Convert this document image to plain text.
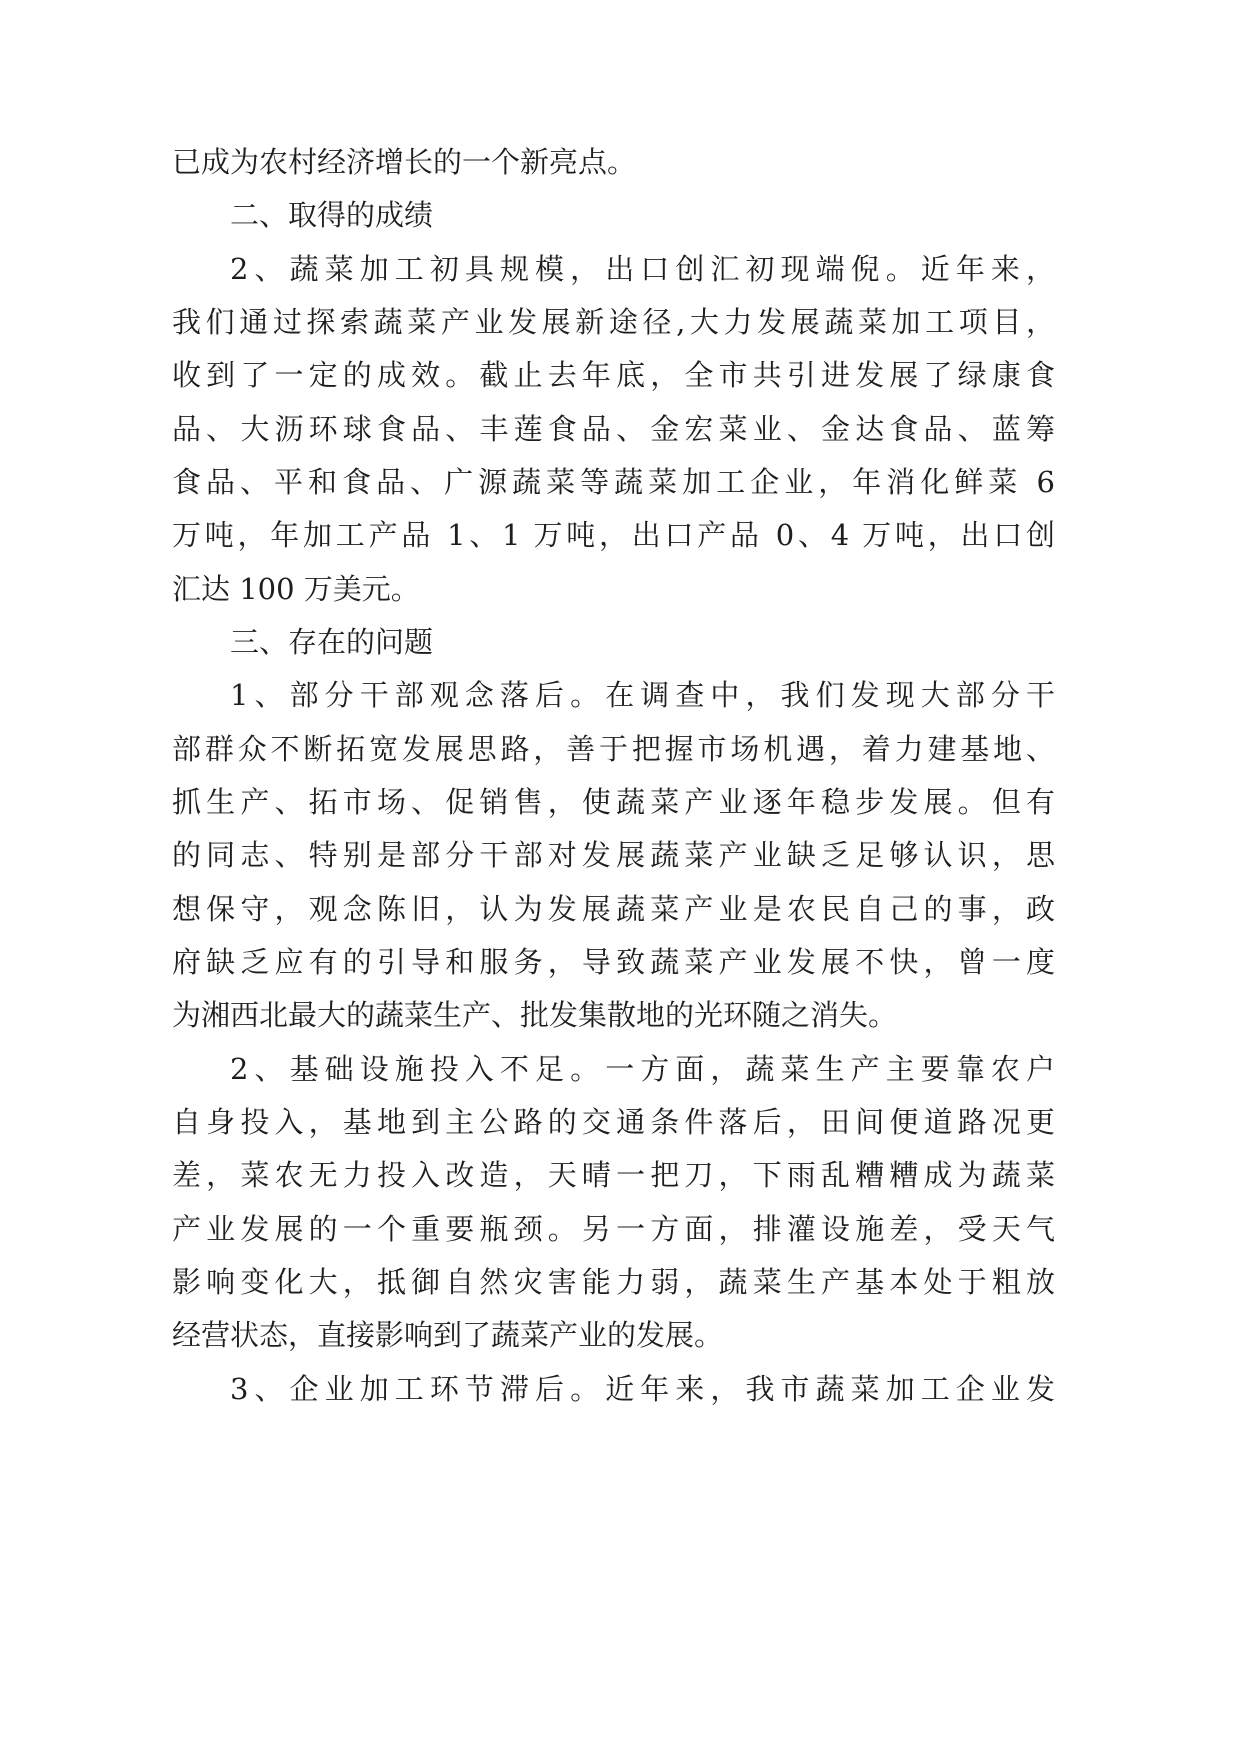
已成为农村经济增长的一个新亮点。
二、取得的成绩
2、蔬菜加工初具规模，出口创汇初现端倪。近年来，
我们通过探索蔬菜产业发展新途径,大力发展蔬菜加工项目，
收到了一定的成效。截止去年底，全市共引进发展了绿康食
品、大沥环球食品、丰莲食品、金宏菜业、金达食品、蓝筹
食品、平和食品、广源蔬菜等蔬菜加工企业，年消化鲜菜 6
万吨，年加工产品 1、1 万吨，出口产品 0、4 万吨，出口创
汇达 100 万美元。
三、存在的问题
1、部分干部观念落后。在调查中，我们发现大部分干
部群众不断拓宽发展思路，善于把握市场机遇，着力建基地、
抓生产、拓市场、促销售，使蔬菜产业逐年稳步发展。但有
的同志、特别是部分干部对发展蔬菜产业缺乏足够认识，思
想保守，观念陈旧，认为发展蔬菜产业是农民自己的事，政
府缺乏应有的引导和服务，导致蔬菜产业发展不快，曾一度
为湘西北最大的蔬菜生产、批发集散地的光环随之消失。
2、基础设施投入不足。一方面，蔬菜生产主要靠农户
自身投入，基地到主公路的交通条件落后，田间便道路况更
差，菜农无力投入改造，天晴一把刀，下雨乱糟糟成为蔬菜
产业发展的一个重要瓶颈。另一方面，排灌设施差，受天气
影响变化大，抵御自然灾害能力弱，蔬菜生产基本处于粗放
经营状态，直接影响到了蔬菜产业的发展。
3、企业加工环节滞后。近年来，我市蔬菜加工企业发
